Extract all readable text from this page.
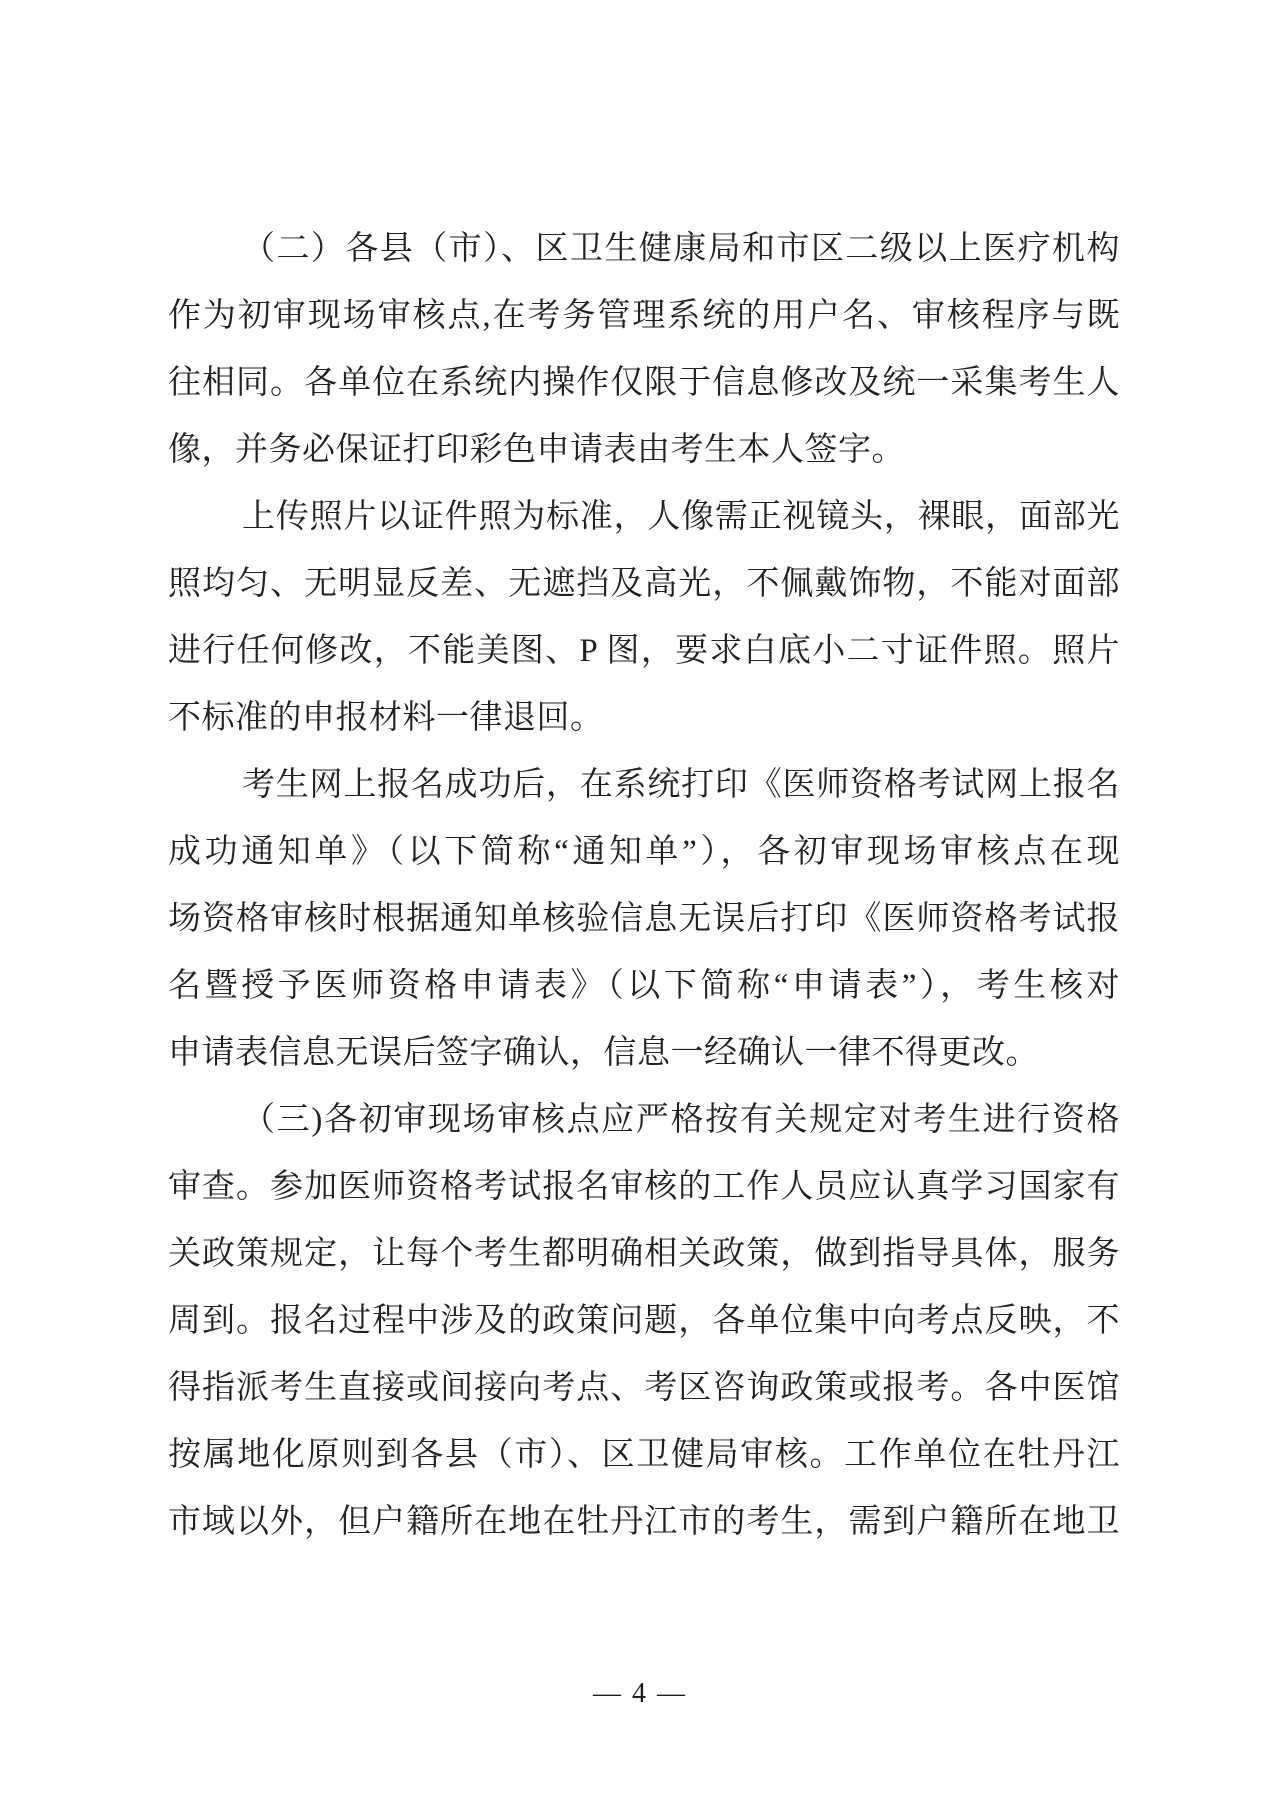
（二）各县（市）、区卫生健康局和市区二级以上医疗机构
作为初审现场审核点,在考务管理系统的用户名、审核程序与既
往相同。各单位在系统内操作仅限于信息修改及统一采集考生人
像，并务必保证打印彩色申请表由考生本人签字。
上传照片以证件照为标准，人像需正视镜头，裸眼，面部光
照均匀、无明显反差、无遮挡及高光，不佩戴饰物，不能对面部
进行任何修改，不能美图、P 图，要求白底小二寸证件照。照片
不标准的申报材料一律退回。
考生网上报名成功后，在系统打印《医师资格考试网上报名
成功通知单》（以下简称“通知单”），各初审现场审核点在现
场资格审核时根据通知单核验信息无误后打印《医师资格考试报
名暨授予医师资格申请表》（以下简称“申请表”），考生核对
申请表信息无误后签字确认，信息一经确认一律不得更改。
（三)各初审现场审核点应严格按有关规定对考生进行资格
审查。参加医师资格考试报名审核的工作人员应认真学习国家有
关政策规定，让每个考生都明确相关政策，做到指导具体，服务
周到。报名过程中涉及的政策问题，各单位集中向考点反映，不
得指派考生直接或间接向考点、考区咨询政策或报考。各中医馆
按属地化原则到各县（市）、区卫健局审核。工作单位在牡丹江
市域以外，但户籍所在地在牡丹江市的考生，需到户籍所在地卫
— 4 —
